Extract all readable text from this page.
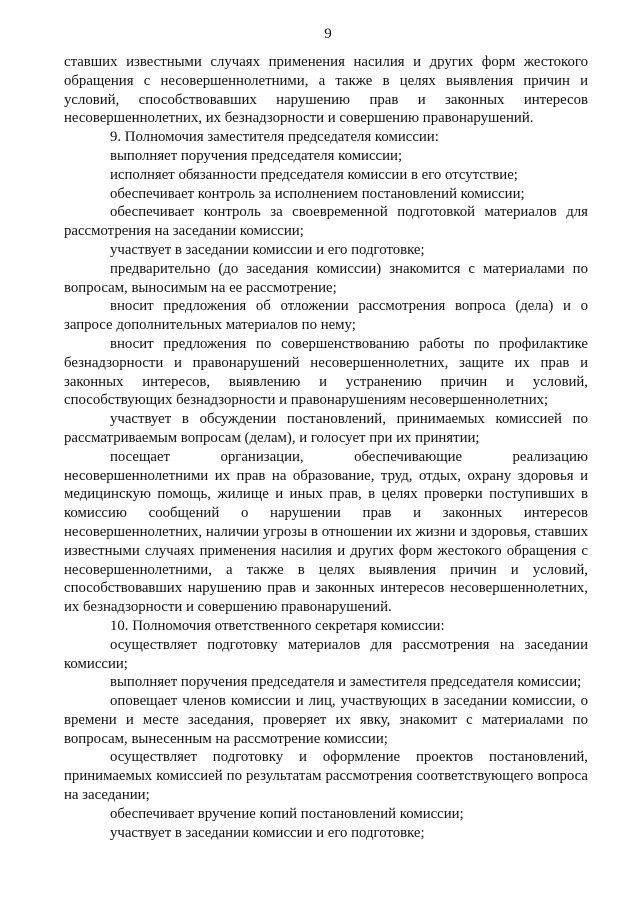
9

ставших известными случаях применения насилия и других форм жестокого обращения с несовершеннолетними, а также в целях выявления причин и условий, способствовавших нарушению прав и законных интересов несовершеннолетних, их безнадзорности и совершению правонарушений.

9. Полномочия заместителя председателя комиссии:

выполняет поручения председателя комиссии;

исполняет обязанности председателя комиссии в его отсутствие;

обеспечивает контроль за исполнением постановлений комиссии;

обеспечивает контроль за своевременной подготовкой материалов для рассмотрения на заседании комиссии;

участвует в заседании комиссии и его подготовке;

предварительно (до заседания комиссии) знакомится с материалами по вопросам, выносимым на ее рассмотрение;

вносит предложения об отложении рассмотрения вопроса (дела) и о запросе дополнительных материалов по нему;

вносит предложения по совершенствованию работы по профилактике безнадзорности и правонарушений несовершеннолетних, защите их прав и законных интересов, выявлению и устранению причин и условий, способствующих безнадзорности и правонарушениям несовершеннолетних;

участвует в обсуждении постановлений, принимаемых комиссией по рассматриваемым вопросам (делам), и голосует при их принятии;

посещает организации, обеспечивающие реализацию несовершеннолетними их прав на образование, труд, отдых, охрану здоровья и медицинскую помощь, жилище и иных прав, в целях проверки поступивших в комиссию сообщений о нарушении прав и законных интересов несовершеннолетних, наличии угрозы в отношении их жизни и здоровья, ставших известными случаях применения насилия и других форм жестокого обращения с несовершеннолетними, а также в целях выявления причин и условий, способствовавших нарушению прав и законных интересов несовершеннолетних, их безнадзорности и совершению правонарушений.

10. Полномочия ответственного секретаря комиссии:

осуществляет подготовку материалов для рассмотрения на заседании комиссии;

выполняет поручения председателя и заместителя председателя комиссии;

оповещает членов комиссии и лиц, участвующих в заседании комиссии, о времени и месте заседания, проверяет их явку, знакомит с материалами по вопросам, вынесенным на рассмотрение комиссии;

осуществляет подготовку и оформление проектов постановлений, принимаемых комиссией по результатам рассмотрения соответствующего вопроса на заседании;

обеспечивает вручение копий постановлений комиссии;

участвует в заседании комиссии и его подготовке;
